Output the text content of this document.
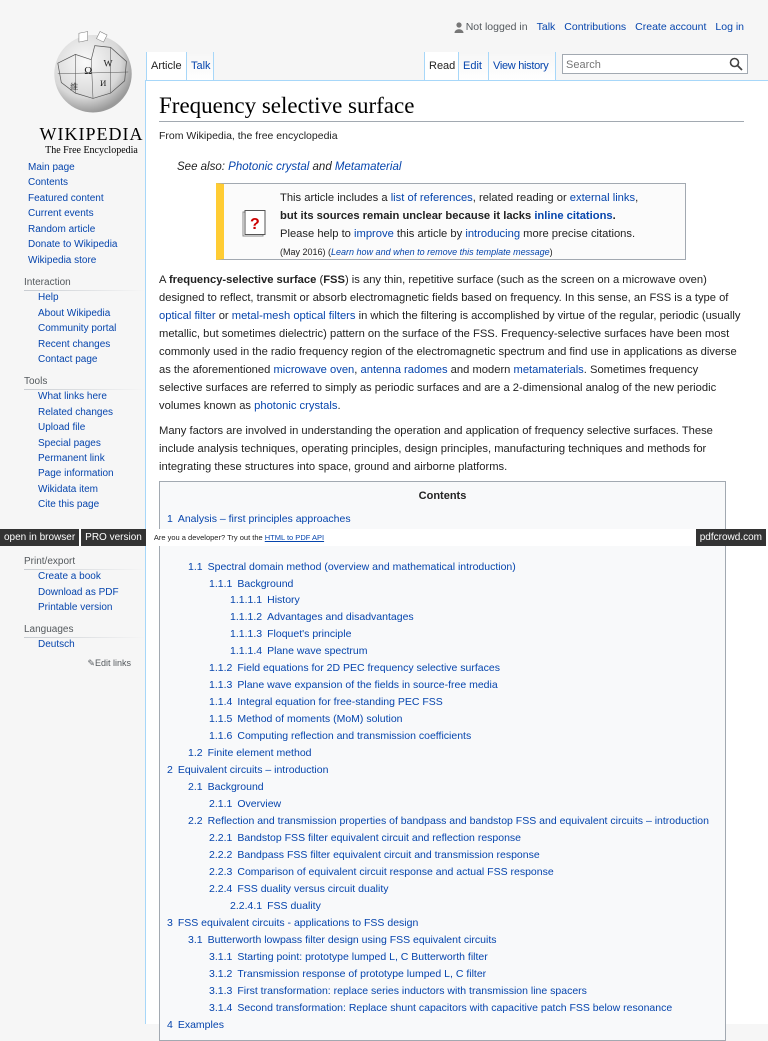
Ω
W
И
維
WIKIPEDIA
The Free Encyclopedia
Not logged in Talk Contributions Create account Log in
Frequency selective surface
From Wikipedia, the free encyclopedia
See also: Photonic crystal and Metamaterial
?
This article includes a list of references, related reading or external links,
but its sources remain unclear because it lacks inline citations.
Please help to improve this article by introducing more precise citations.
(May 2016) (Learn how and when to remove this template message)
A frequency-selective surface (FSS) is any thin, repetitive surface (such as the screen on a microwave oven) designed to reflect, transmit or absorb electromagnetic fields based on frequency. In this sense, an FSS is a type of optical filter or metal-mesh optical filters in which the filtering is accomplished by virtue of the regular, periodic (usually metallic, but sometimes dielectric) pattern on the surface of the FSS. Frequency-selective surfaces have been most commonly used in the radio frequency region of the electromagnetic spectrum and find use in applications as diverse as the aforementioned microwave oven, antenna radomes and modern metamaterials. Sometimes frequency selective surfaces are referred to simply as periodic surfaces and are a 2-dimensional analog of the new periodic volumes known as photonic crystals.
Many factors are involved in understanding the operation and application of frequency selective surfaces. These include analysis techniques, operating principles, design principles, manufacturing techniques and methods for integrating these structures into space, ground and airborne platforms.
Contents
1 Analysis – first principles approaches
1.1 Spectral domain method (overview and mathematical introduction)
1.1.1 Background
1.1.1.1 History
1.1.1.2 Advantages and disadvantages
1.1.1.3 Floquet's principle
1.1.1.4 Plane wave spectrum
1.1.2 Field equations for 2D PEC frequency selective surfaces
1.1.3 Plane wave expansion of the fields in source-free media
1.1.4 Integral equation for free-standing PEC FSS
1.1.5 Method of moments (MoM) solution
1.1.6 Computing reflection and transmission coefficients
1.2 Finite element method
2 Equivalent circuits – introduction
2.1 Background
2.1.1 Overview
2.2 Reflection and transmission properties of bandpass and bandstop FSS and equivalent circuits – introduction
2.2.1 Bandstop FSS filter equivalent circuit and reflection response
2.2.2 Bandpass FSS filter equivalent circuit and transmission response
2.2.3 Comparison of equivalent circuit response and actual FSS response
2.2.4 FSS duality versus circuit duality
2.2.4.1 FSS duality
3 FSS equivalent circuits - applications to FSS design
3.1 Butterworth lowpass filter design using FSS equivalent circuits
3.1.1 Starting point: prototype lumped L, C Butterworth filter
3.1.2 Transmission response of prototype lumped L, C filter
3.1.3 First transformation: replace series inductors with transmission line spacers
3.1.4 Second transformation: Replace shunt capacitors with capacitive patch FSS below resonance
4 Examples
Article Talk	Read Edit	View history
Search
Main page
Contents
Featured content
Current events
Random article
Donate to Wikipedia
Wikipedia store
Interaction
Help
About Wikipedia
Community portal
Recent changes
Contact page
Tools
What links here
Related changes
Upload file
Special pages
Permanent link
Page information
Wikidata item
Cite this page
Print/export
Create a book
Download as PDF
Printable version
Languages
Deutsch
✎Edit links
open in browser	PRO version	Are you a developer? Try out the HTML to PDF API	pdfcrowd.com
